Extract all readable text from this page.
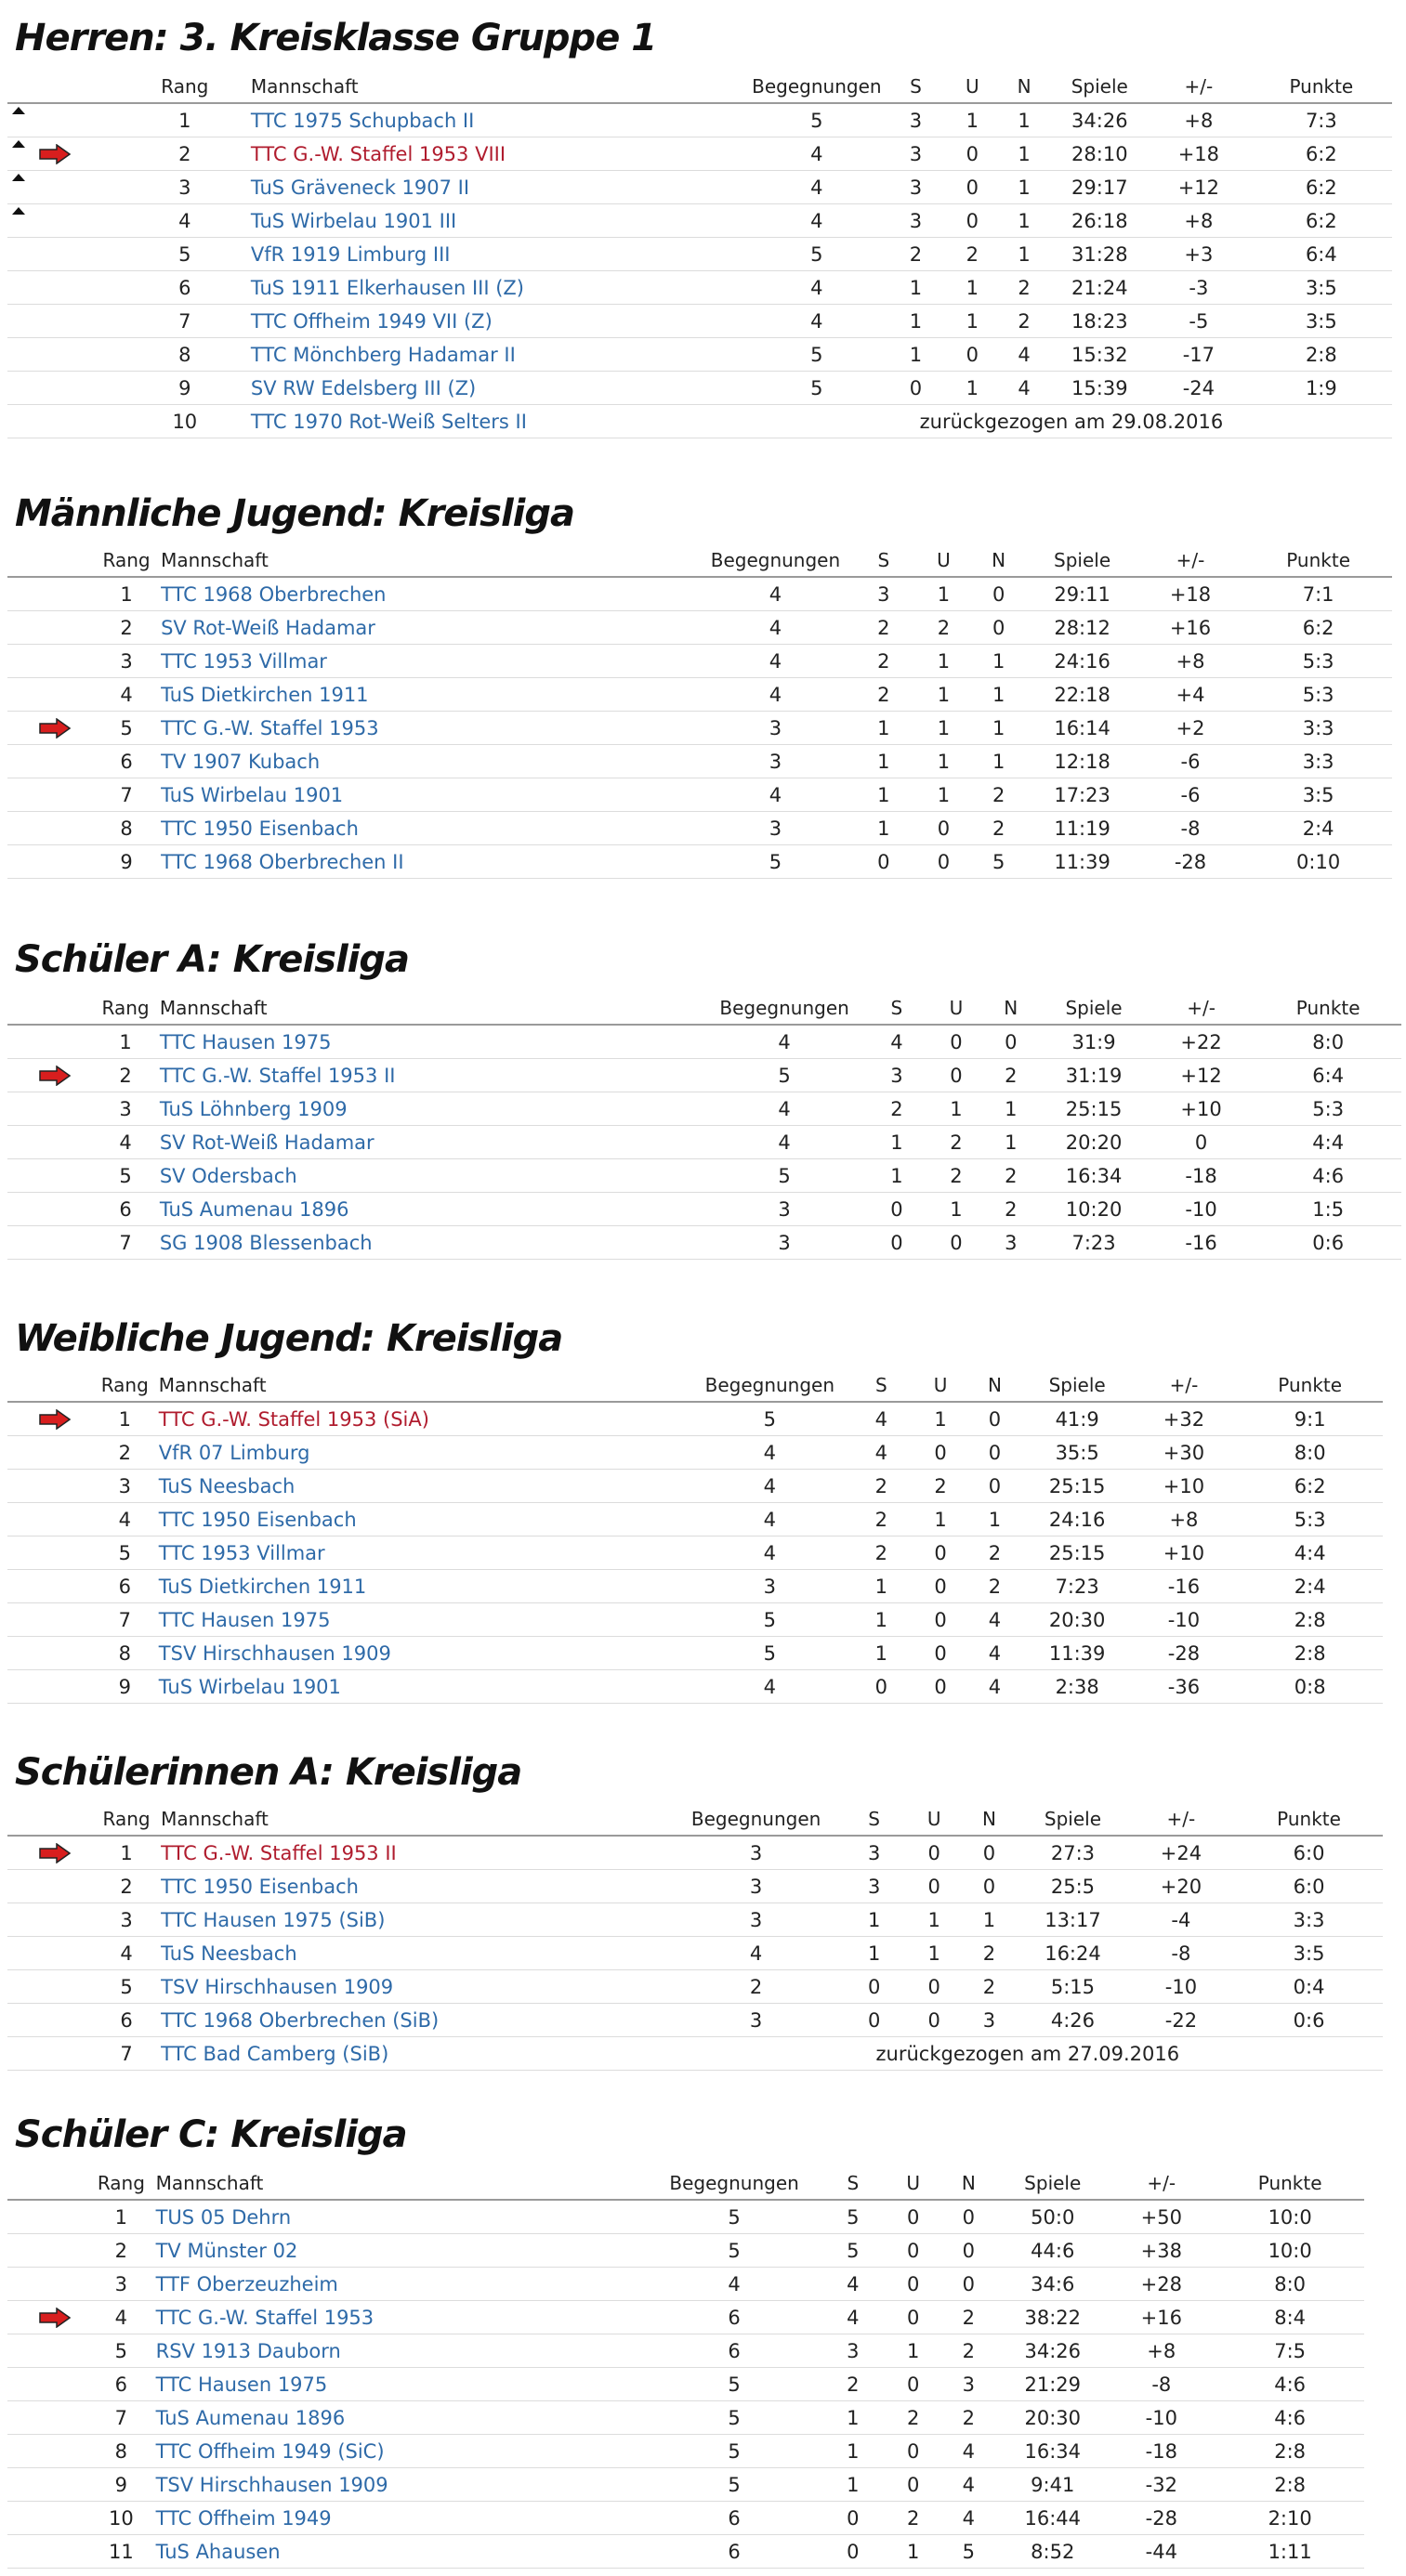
Herren: 3. Kreisklasse Gruppe 1
	Rang	Mannschaft	Begegnungen	S	U	N	Spiele	+/-	Punkte

	1	TTC 1975 Schupbach II	5	3	1	1	34:26	+8	7:3

	2	TTC G.-W. Staffel 1953 VIII	4	3	0	1	28:10	+18	6:2

	3	TuS Gräveneck 1907 II	4	3	0	1	29:17	+12	6:2

	4	TuS Wirbelau 1901 III	4	3	0	1	26:18	+8	6:2

	5	VfR 1919 Limburg III	5	2	2	1	31:28	+3	6:4

	6	TuS 1911 Elkerhausen III (Z)	4	1	1	2	21:24	-3	3:5

	7	TTC Offheim 1949 VII (Z)	4	1	1	2	18:23	-5	3:5

	8	TTC Mönchberg Hadamar II	5	1	0	4	15:32	-17	2:8

	9	SV RW Edelsberg III (Z)	5	0	1	4	15:39	-24	1:9

	10	TTC 1970 Rot-Weiß Selters II	zurückgezogen am 29.08.2016						
Männliche Jugend: Kreisliga
	Rang	Mannschaft	Begegnungen	S	U	N	Spiele	+/-	Punkte

	1	TTC 1968 Oberbrechen	4	3	1	0	29:11	+18	7:1

	2	SV Rot-Weiß Hadamar	4	2	2	0	28:12	+16	6:2

	3	TTC 1953 Villmar	4	2	1	1	24:16	+8	5:3

	4	TuS Dietkirchen 1911	4	2	1	1	22:18	+4	5:3

	5	TTC G.-W. Staffel 1953	3	1	1	1	16:14	+2	3:3

	6	TV 1907 Kubach	3	1	1	1	12:18	-6	3:3

	7	TuS Wirbelau 1901	4	1	1	2	17:23	-6	3:5

	8	TTC 1950 Eisenbach	3	1	0	2	11:19	-8	2:4

	9	TTC 1968 Oberbrechen II	5	0	0	5	11:39	-28	0:10
Schüler A: Kreisliga
	Rang	Mannschaft	Begegnungen	S	U	N	Spiele	+/-	Punkte

	1	TTC Hausen 1975	4	4	0	0	31:9	+22	8:0

	2	TTC G.-W. Staffel 1953 II	5	3	0	2	31:19	+12	6:4

	3	TuS Löhnberg 1909	4	2	1	1	25:15	+10	5:3

	4	SV Rot-Weiß Hadamar	4	1	2	1	20:20	0	4:4

	5	SV Odersbach	5	1	2	2	16:34	-18	4:6

	6	TuS Aumenau 1896	3	0	1	2	10:20	-10	1:5

	7	SG 1908 Blessenbach	3	0	0	3	7:23	-16	0:6
Weibliche Jugend: Kreisliga
	Rang	Mannschaft	Begegnungen	S	U	N	Spiele	+/-	Punkte

	1	TTC G.-W. Staffel 1953 (SiA)	5	4	1	0	41:9	+32	9:1

	2	VfR 07 Limburg	4	4	0	0	35:5	+30	8:0

	3	TuS Neesbach	4	2	2	0	25:15	+10	6:2

	4	TTC 1950 Eisenbach	4	2	1	1	24:16	+8	5:3

	5	TTC 1953 Villmar	4	2	0	2	25:15	+10	4:4

	6	TuS Dietkirchen 1911	3	1	0	2	7:23	-16	2:4

	7	TTC Hausen 1975	5	1	0	4	20:30	-10	2:8

	8	TSV Hirschhausen 1909	5	1	0	4	11:39	-28	2:8

	9	TuS Wirbelau 1901	4	0	0	4	2:38	-36	0:8
Schülerinnen A: Kreisliga
	Rang	Mannschaft	Begegnungen	S	U	N	Spiele	+/-	Punkte

	1	TTC G.-W. Staffel 1953 II	3	3	0	0	27:3	+24	6:0

	2	TTC 1950 Eisenbach	3	3	0	0	25:5	+20	6:0

	3	TTC Hausen 1975 (SiB)	3	1	1	1	13:17	-4	3:3

	4	TuS Neesbach	4	1	1	2	16:24	-8	3:5

	5	TSV Hirschhausen 1909	2	0	0	2	5:15	-10	0:4

	6	TTC 1968 Oberbrechen (SiB)	3	0	0	3	4:26	-22	0:6

	7	TTC Bad Camberg (SiB)	zurückgezogen am 27.09.2016						
Schüler C: Kreisliga
	Rang	Mannschaft	Begegnungen	S	U	N	Spiele	+/-	Punkte

	1	TUS 05 Dehrn	5	5	0	0	50:0	+50	10:0

	2	TV Münster 02	5	5	0	0	44:6	+38	10:0

	3	TTF Oberzeuzheim	4	4	0	0	34:6	+28	8:0

	4	TTC G.-W. Staffel 1953	6	4	0	2	38:22	+16	8:4

	5	RSV 1913 Dauborn	6	3	1	2	34:26	+8	7:5

	6	TTC Hausen 1975	5	2	0	3	21:29	-8	4:6

	7	TuS Aumenau 1896	5	1	2	2	20:30	-10	4:6

	8	TTC Offheim 1949 (SiC)	5	1	0	4	16:34	-18	2:8

	9	TSV Hirschhausen 1909	5	1	0	4	9:41	-32	2:8

	10	TTC Offheim 1949	6	0	2	4	16:44	-28	2:10

	11	TuS Ahausen	6	0	1	5	8:52	-44	1:11
